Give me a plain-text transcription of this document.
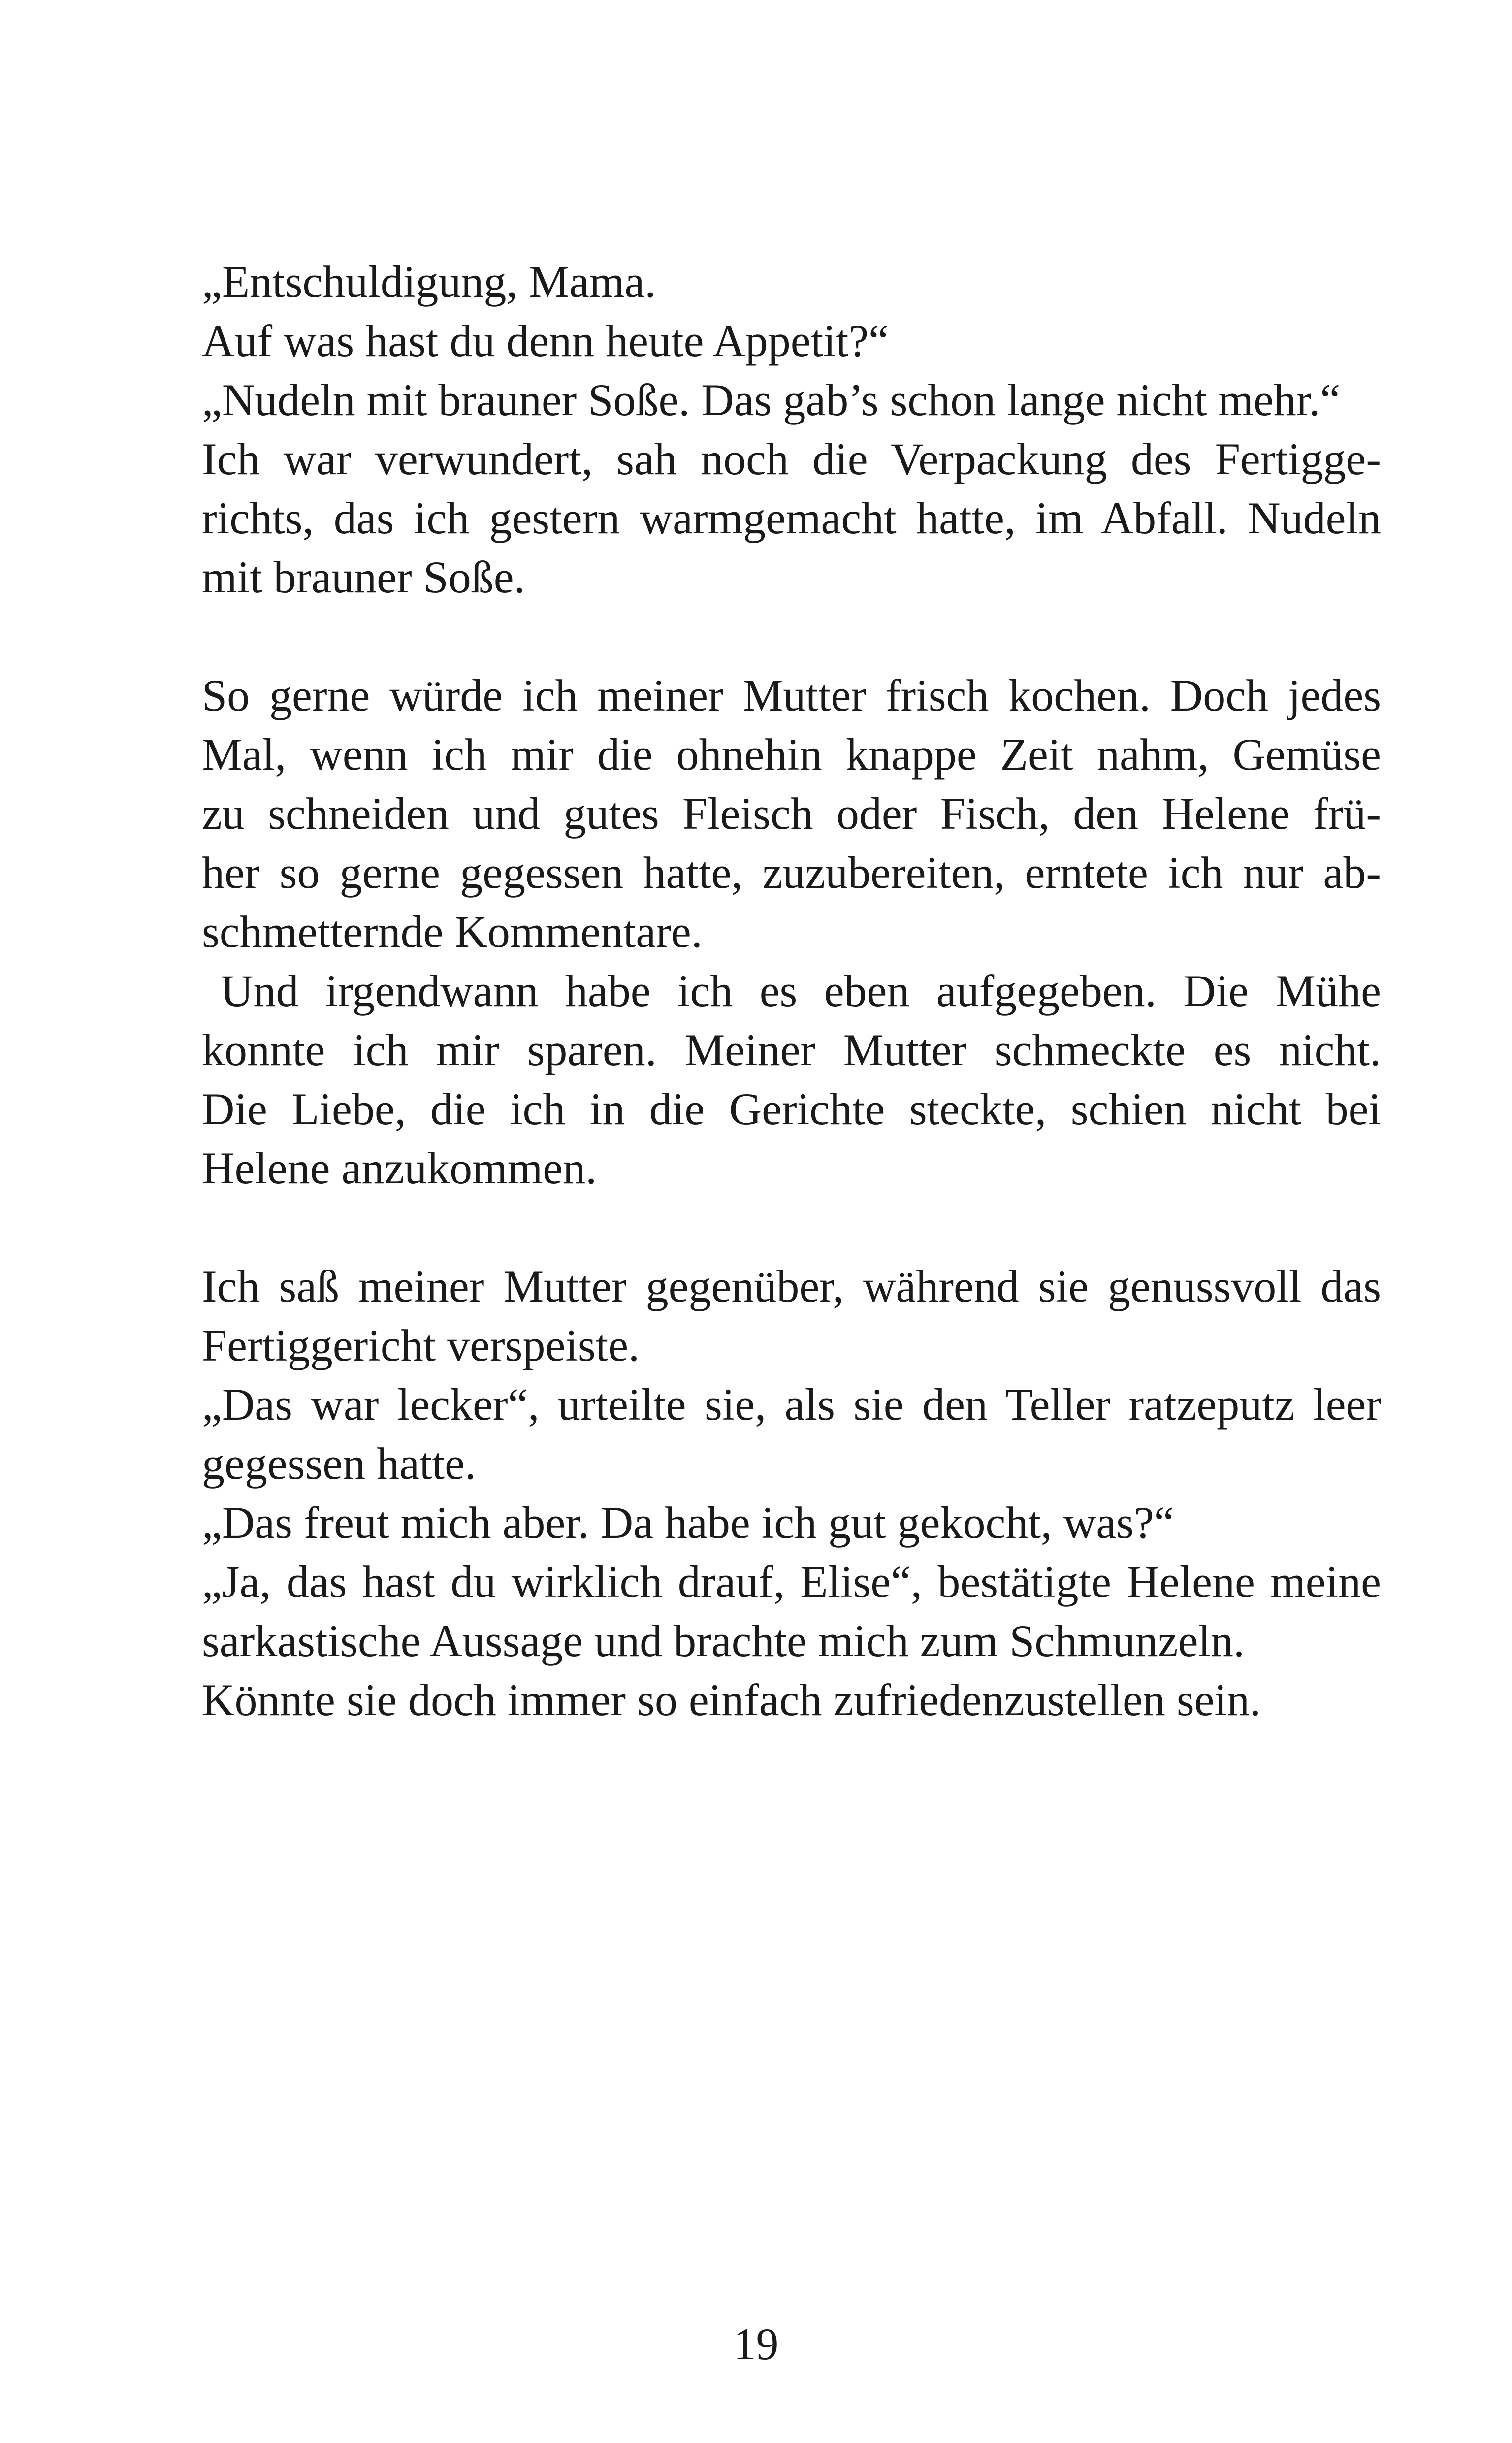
„Entschuldigung, Mama.
Auf was hast du denn heute Appetit?“
„Nudeln mit brauner Soße. Das gab’s schon lange nicht mehr.“
Ich war verwundert, sah noch die Verpackung des Fertigge-
richts, das ich gestern warmgemacht hatte, im Abfall. Nudeln
mit brauner Soße.
So gerne würde ich meiner Mutter frisch kochen. Doch jedes
Mal, wenn ich mir die ohnehin knappe Zeit nahm, Gemüse
zu schneiden und gutes Fleisch oder Fisch, den Helene frü-
her so gerne gegessen hatte, zuzubereiten, erntete ich nur ab-
schmetternde Kommentare.
Und irgendwann habe ich es eben aufgegeben. Die Mühe
konnte ich mir sparen. Meiner Mutter schmeckte es nicht.
Die Liebe, die ich in die Gerichte steckte, schien nicht bei
Helene anzukommen.
Ich saß meiner Mutter gegenüber, während sie genussvoll das
Fertiggericht verspeiste.
„Das war lecker“, urteilte sie, als sie den Teller ratzeputz leer
gegessen hatte.
„Das freut mich aber. Da habe ich gut gekocht, was?“
„Ja, das hast du wirklich drauf, Elise“, bestätigte Helene meine
sarkastische Aussage und brachte mich zum Schmunzeln.
Könnte sie doch immer so einfach zufriedenzustellen sein.
19
